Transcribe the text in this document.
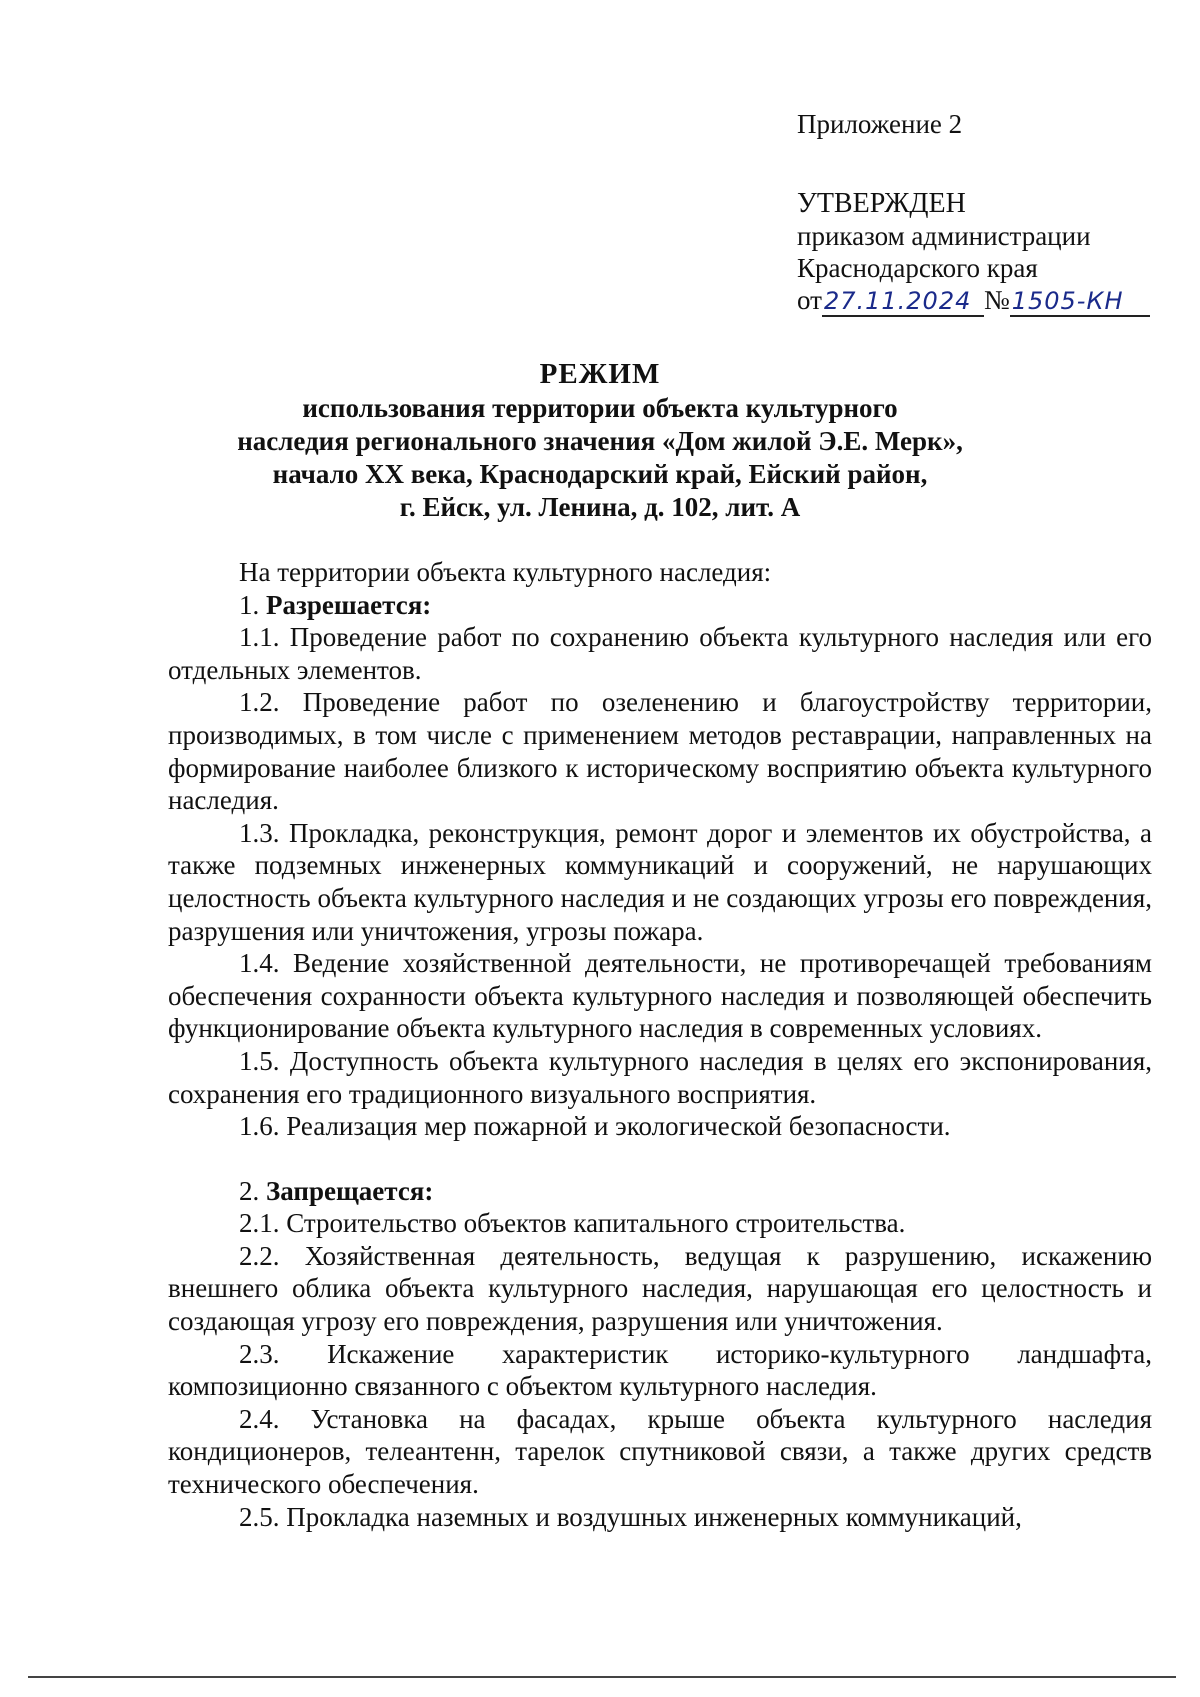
Приложение 2
УТВЕРЖДЕН
приказом администрации
Краснодарского края
от27.11.2024 №1505-КН
РЕЖИМ
использования территории объекта культурного
наследия регионального значения «Дом жилой Э.Е. Мерк»,
начало XX века, Краснодарский край, Ейский район,
г. Ейск, ул. Ленина, д. 102, лит. А

На территории объекта культурного наследия:

1. Разрешается:

1.1. Проведение работ по сохранению объекта культурного наследия или его отдельных элементов.

1.2. Проведение работ по озеленению и благоустройству территории, производимых, в том числе с применением методов реставрации, направленных на формирование наиболее близкого к историческому восприятию объекта культурного наследия.

1.3. Прокладка, реконструкция, ремонт дорог и элементов их обустройства, а также подземных инженерных коммуникаций и сооружений, не нарушающих целостность объекта культурного наследия и не создающих угрозы его повреждения, разрушения или уничтожения, угрозы пожара.

1.4. Ведение хозяйственной деятельности, не противоречащей требованиям обеспечения сохранности объекта культурного наследия и позволяющей обеспечить функционирование объекта культурного наследия в современных условиях.

1.5. Доступность объекта культурного наследия в целях его экспонирования, сохранения его традиционного визуального восприятия.

1.6. Реализация мер пожарной и экологической безопасности.

2. Запрещается:

2.1. Строительство объектов капитального строительства.

2.2. Хозяйственная деятельность, ведущая к разрушению, искажению внешнего облика объекта культурного наследия, нарушающая его целостность и создающая угрозу его повреждения, разрушения или уничтожения.

2.3. Искажение характеристик историко-культурного ландшафта, композиционно связанного с объектом культурного наследия.

2.4. Установка на фасадах, крыше объекта культурного наследия кондиционеров, телеантенн, тарелок спутниковой связи, а также других средств технического обеспечения.

2.5. Прокладка наземных и воздушных инженерных коммуникаций,
